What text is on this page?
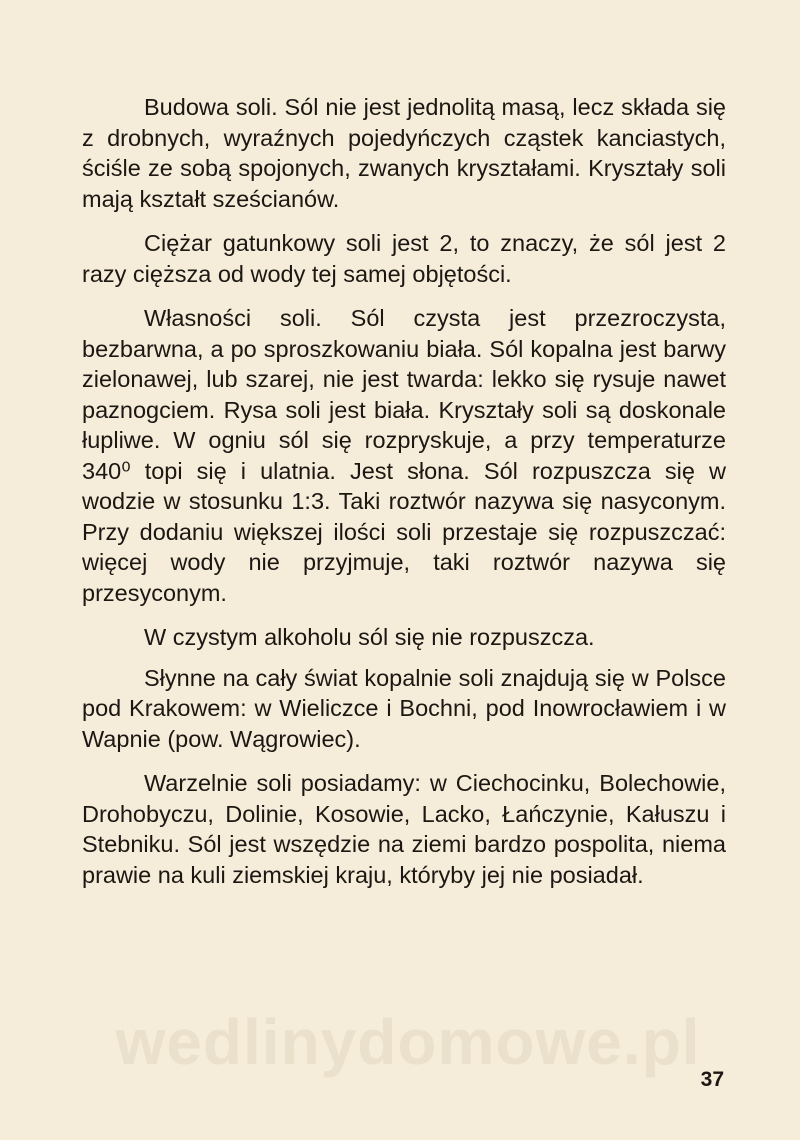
Budowa soli. Sól nie jest jednolitą masą, lecz składa się z drobnych, wyraźnych pojedyńczych cząstek kanciastych, ściśle ze sobą spojonych, zwanych kryształami. Kryształy soli mają kształt sześcianów.

Ciężar gatunkowy soli jest 2, to znaczy, że sól jest 2 razy cięższa od wody tej samej objętości.

Własności soli. Sól czysta jest przezroczysta, bezbarwna, a po sproszkowaniu biała. Sól kopalna jest barwy zielonawej, lub szarej, nie jest twarda: lekko się rysuje nawet paznogciem. Rysa soli jest biała. Kryształy soli są doskonale łupliwe. W ogniu sól się rozpryskuje, a przy temperaturze 340⁰ topi się i ulatnia. Jest słona. Sól rozpuszcza się w wodzie w stosunku 1:3. Taki roztwór nazywa się nasyconym. Przy dodaniu większej ilości soli przestaje się rozpuszczać: więcej wody nie przyjmuje, taki roztwór nazywa się przesyconym.

W czystym alkoholu sól się nie rozpuszcza.

Słynne na cały świat kopalnie soli znajdują się w Polsce pod Krakowem: w Wieliczce i Bochni, pod Inowrocławiem i w Wapnie (pow. Wągrowiec).

Warzelnie soli posiadamy: w Ciechocinku, Bolechowie, Drohobyczu, Dolinie, Kosowie, Lacko, Łańczynie, Kałuszu i Stebniku. Sól jest wszędzie na ziemi bardzo pospolita, niema prawie na kuli ziemskiej kraju, któryby jej nie posiadał.

wedlinydomowe.pl
37
